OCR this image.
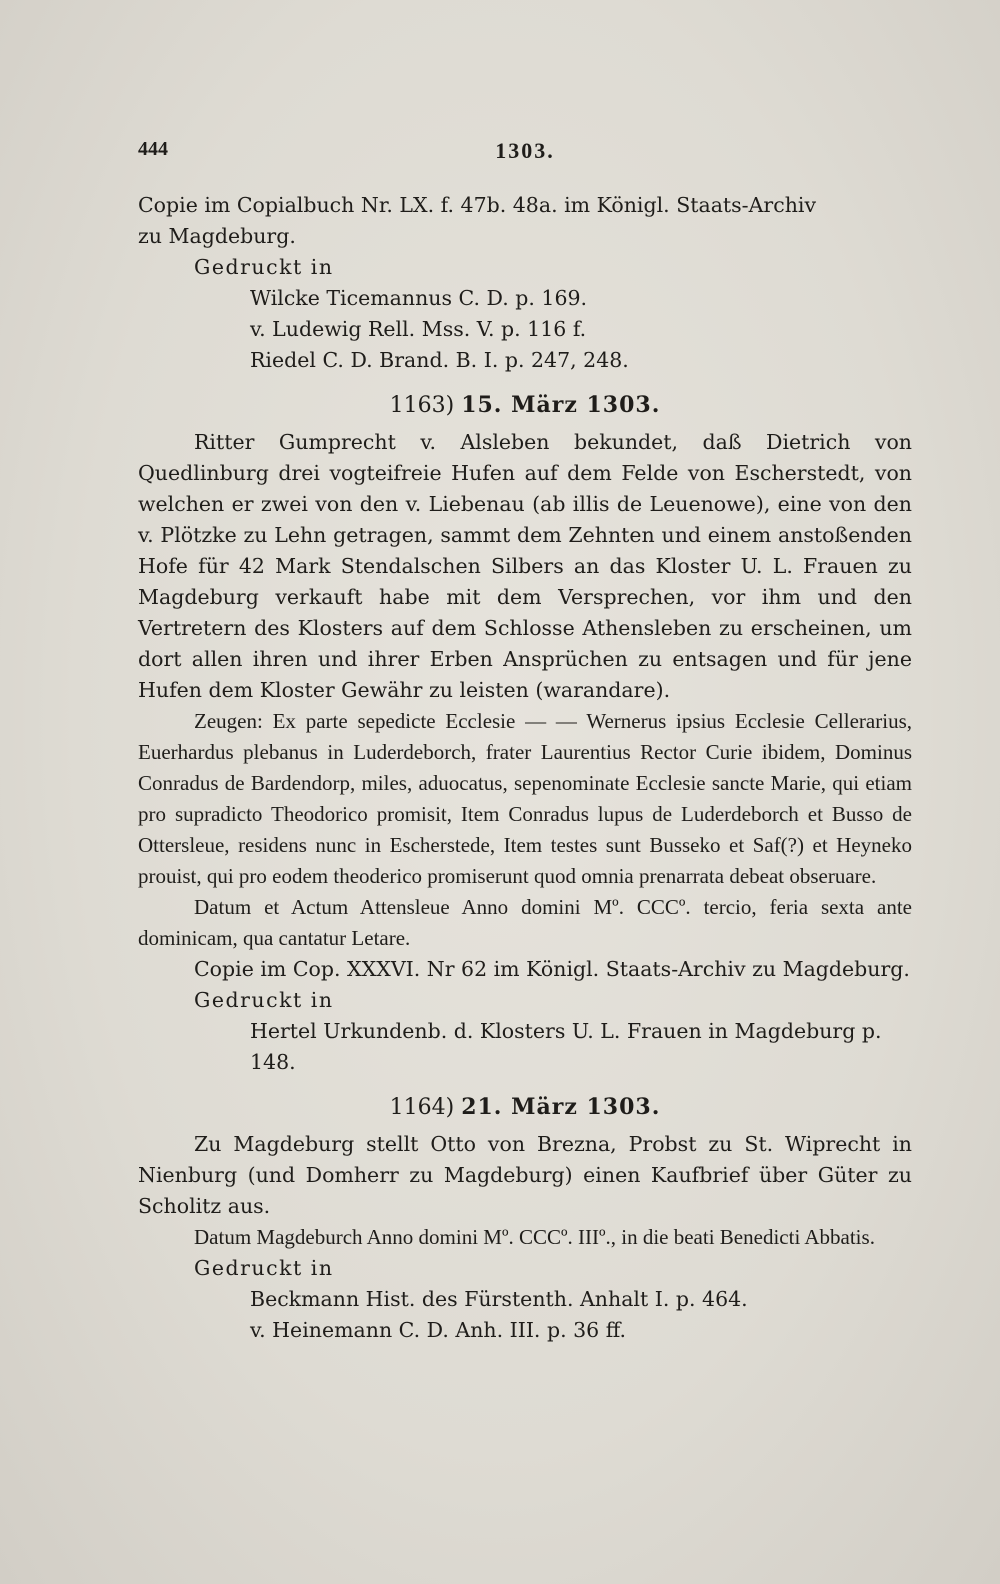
444	1303.

Copie im Copialbuch Nr. LX. f. 47b. 48a. im Königl. Staats-Archiv

zu Magdeburg.

Gedruckt in

Wilcke Ticemannus C. D. p. 169.

v. Ludewig Rell. Mss. V. p. 116 f.

Riedel C. D. Brand. B. I. p. 247, 248.

1163) 15. März 1303.

Ritter Gumprecht v. Alsleben bekundet, daß Dietrich von Quedlinburg drei vogteifreie Hufen auf dem Felde von Escherstedt, von welchen er zwei von den v. Liebenau (ab illis de Leuenowe), eine von den v. Plötzke zu Lehn getragen, sammt dem Zehnten und einem anstoßenden Hofe für 42 Mark Stendalschen Silbers an das Kloster U. L. Frauen zu Magdeburg verkauft habe mit dem Versprechen, vor ihm und den Vertretern des Klosters auf dem Schlosse Athensleben zu erscheinen, um dort allen ihren und ihrer Erben Ansprüchen zu entsagen und für jene Hufen dem Kloster Gewähr zu leisten (warandare).

Zeugen: Ex parte sepedicte Ecclesie — — Wernerus ipsius Ecclesie Cellerarius, Euerhardus plebanus in Luderdeborch, frater Laurentius Rector Curie ibidem, Dominus Conradus de Bardendorp, miles, aduocatus, sepenominate Ecclesie sancte Marie, qui etiam pro supradicto Theodorico promisit, Item Conradus lupus de Luderdeborch et Busso de Ottersleue, residens nunc in Escherstede, Item testes sunt Busseko et Saf(?) et Heyneko prouist, qui pro eodem theoderico promiserunt quod omnia prenarrata debeat obseruare.

Datum et Actum Attensleue Anno domini Mº. CCCº. tercio, feria sexta ante dominicam, qua cantatur Letare.

Copie im Cop. XXXVI. Nr 62 im Königl. Staats-Archiv zu Magdeburg.

Gedruckt in

Hertel Urkundenb. d. Klosters U. L. Frauen in Magdeburg p. 148.

1164) 21. März 1303.

Zu Magdeburg stellt Otto von Brezna, Probst zu St. Wiprecht in Nienburg (und Domherr zu Magdeburg) einen Kaufbrief über Güter zu Scholitz aus.

Datum Magdeburch Anno domini Mº. CCCº. IIIº., in die beati Benedicti Abbatis.

Gedruckt in

Beckmann Hist. des Fürstenth. Anhalt I. p. 464.

v. Heinemann C. D. Anh. III. p. 36 ff.
